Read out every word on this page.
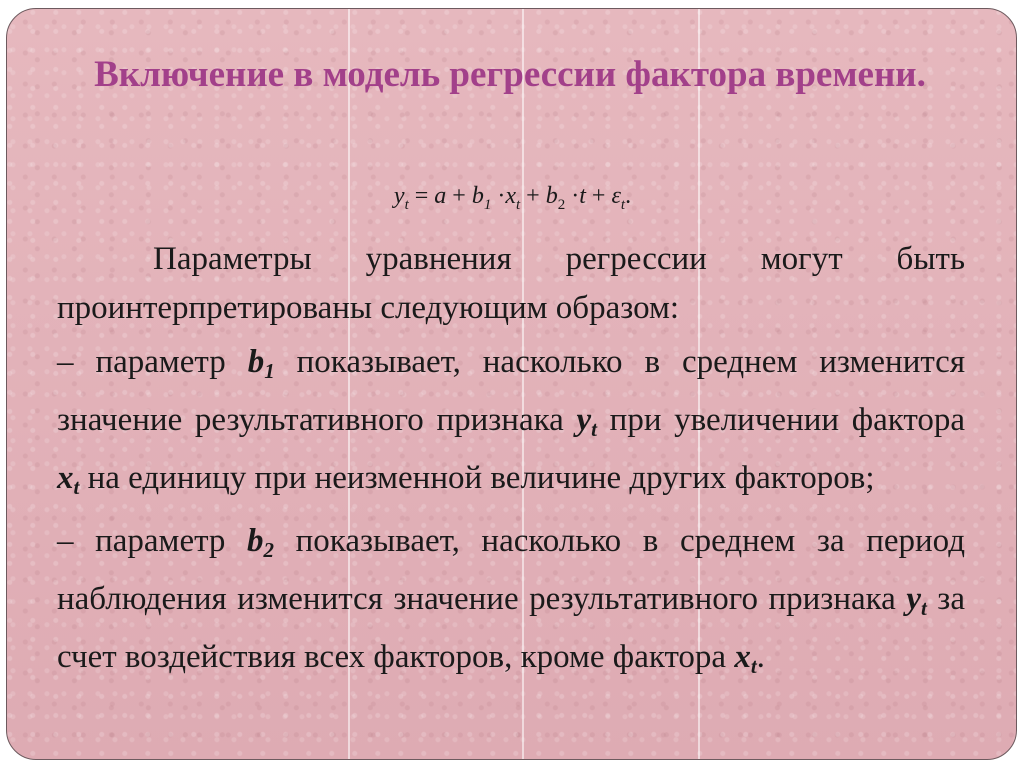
Включение в модель регрессии фактора времени.
$y_t = a + b_1 \cdot x_t + b_2 \cdot t + \varepsilon_t$.

Параметры уравнения регрессии могут быть проинтерпретированы следующим образом:

– параметр $b_1$ показывает, насколько в среднем изменится значение результативного признака $y_t$ при увеличении фактора $x_t$ на единицу при неизменной величине других факторов;

– параметр $b_2$ показывает, насколько в среднем за период наблюдения изменится значение результативного признака $y_t$ за счет воздействия всех факторов, кроме фактора $x_t$.
